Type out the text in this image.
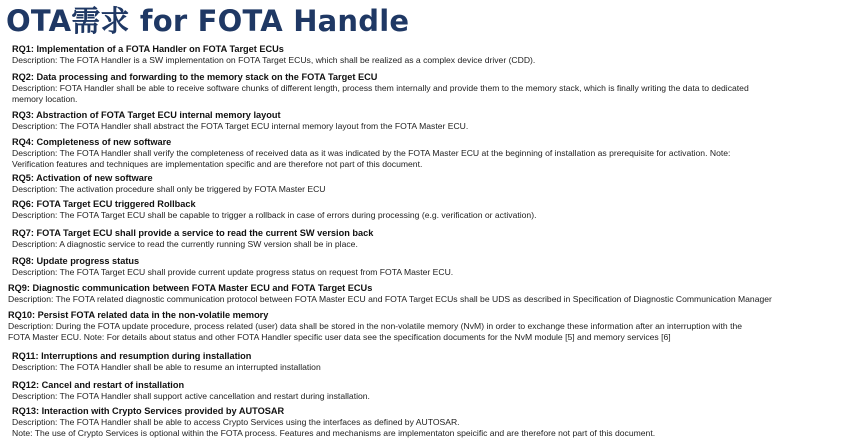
OTA需求 for FOTA Handle
RQ1: Implementation of a FOTA Handler on FOTA Target ECUs
Description: The FOTA Handler is a SW implementation on FOTA Target ECUs, which shall be realized as a complex device driver (CDD).
RQ2: Data processing and forwarding to the memory stack on the FOTA Target ECU
Description: FOTA Handler shall be able to receive software chunks of different length, process them internally and provide them to the memory stack, which is finally writing the data to dedicated
memory location.
RQ3: Abstraction of FOTA Target ECU internal memory layout
Description: The FOTA Handler shall abstract the FOTA Target ECU internal memory layout from the FOTA Master ECU.
RQ4: Completeness of new software
Description: The FOTA Handler shall verify the completeness of received data as it was indicated by the FOTA Master ECU at the beginning of installation as prerequisite for activation. Note:
Verification features and techniques are implementation specific and are therefore not part of this document.
RQ5: Activation of new software
Description: The activation procedure shall only be triggered by FOTA Master ECU
RQ6: FOTA Target ECU triggered Rollback
Description: The FOTA Target ECU shall be capable to trigger a rollback in case of errors during processing (e.g. verification or activation).
RQ7: FOTA Target ECU shall provide a service to read the current SW version back
Description: A diagnostic service to read the currently running SW version shall be in place.
RQ8: Update progress status
Description: The FOTA Target ECU shall provide current update progress status on request from FOTA Master ECU.
RQ9: Diagnostic communication between FOTA Master ECU and FOTA Target ECUs
Description: The FOTA related diagnostic communication protocol between FOTA Master ECU and FOTA Target ECUs shall be UDS as described in Specification of Diagnostic Communication Manager
RQ10: Persist FOTA related data in the non-volatile memory
Description: During the FOTA update procedure, process related (user) data shall be stored in the non-volatile memory (NvM) in order to exchange these information after an interruption with the
FOTA Master ECU. Note: For details about status and other FOTA Handler specific user data see the specification documents for the NvM module [5] and memory services [6]
RQ11: Interruptions and resumption during installation
Description: The FOTA Handler shall be able to resume an interrupted installation
RQ12: Cancel and restart of installation
Description: The FOTA Handler shall support active cancellation and restart during installation.
RQ13: Interaction with Crypto Services provided by AUTOSAR
Description: The FOTA Handler shall be able to access Crypto Services using the interfaces as defined by AUTOSAR.
Note: The use of Crypto Services is optional within the FOTA process. Features and mechanisms are implementaton speicific and are therefore not part of this document.
